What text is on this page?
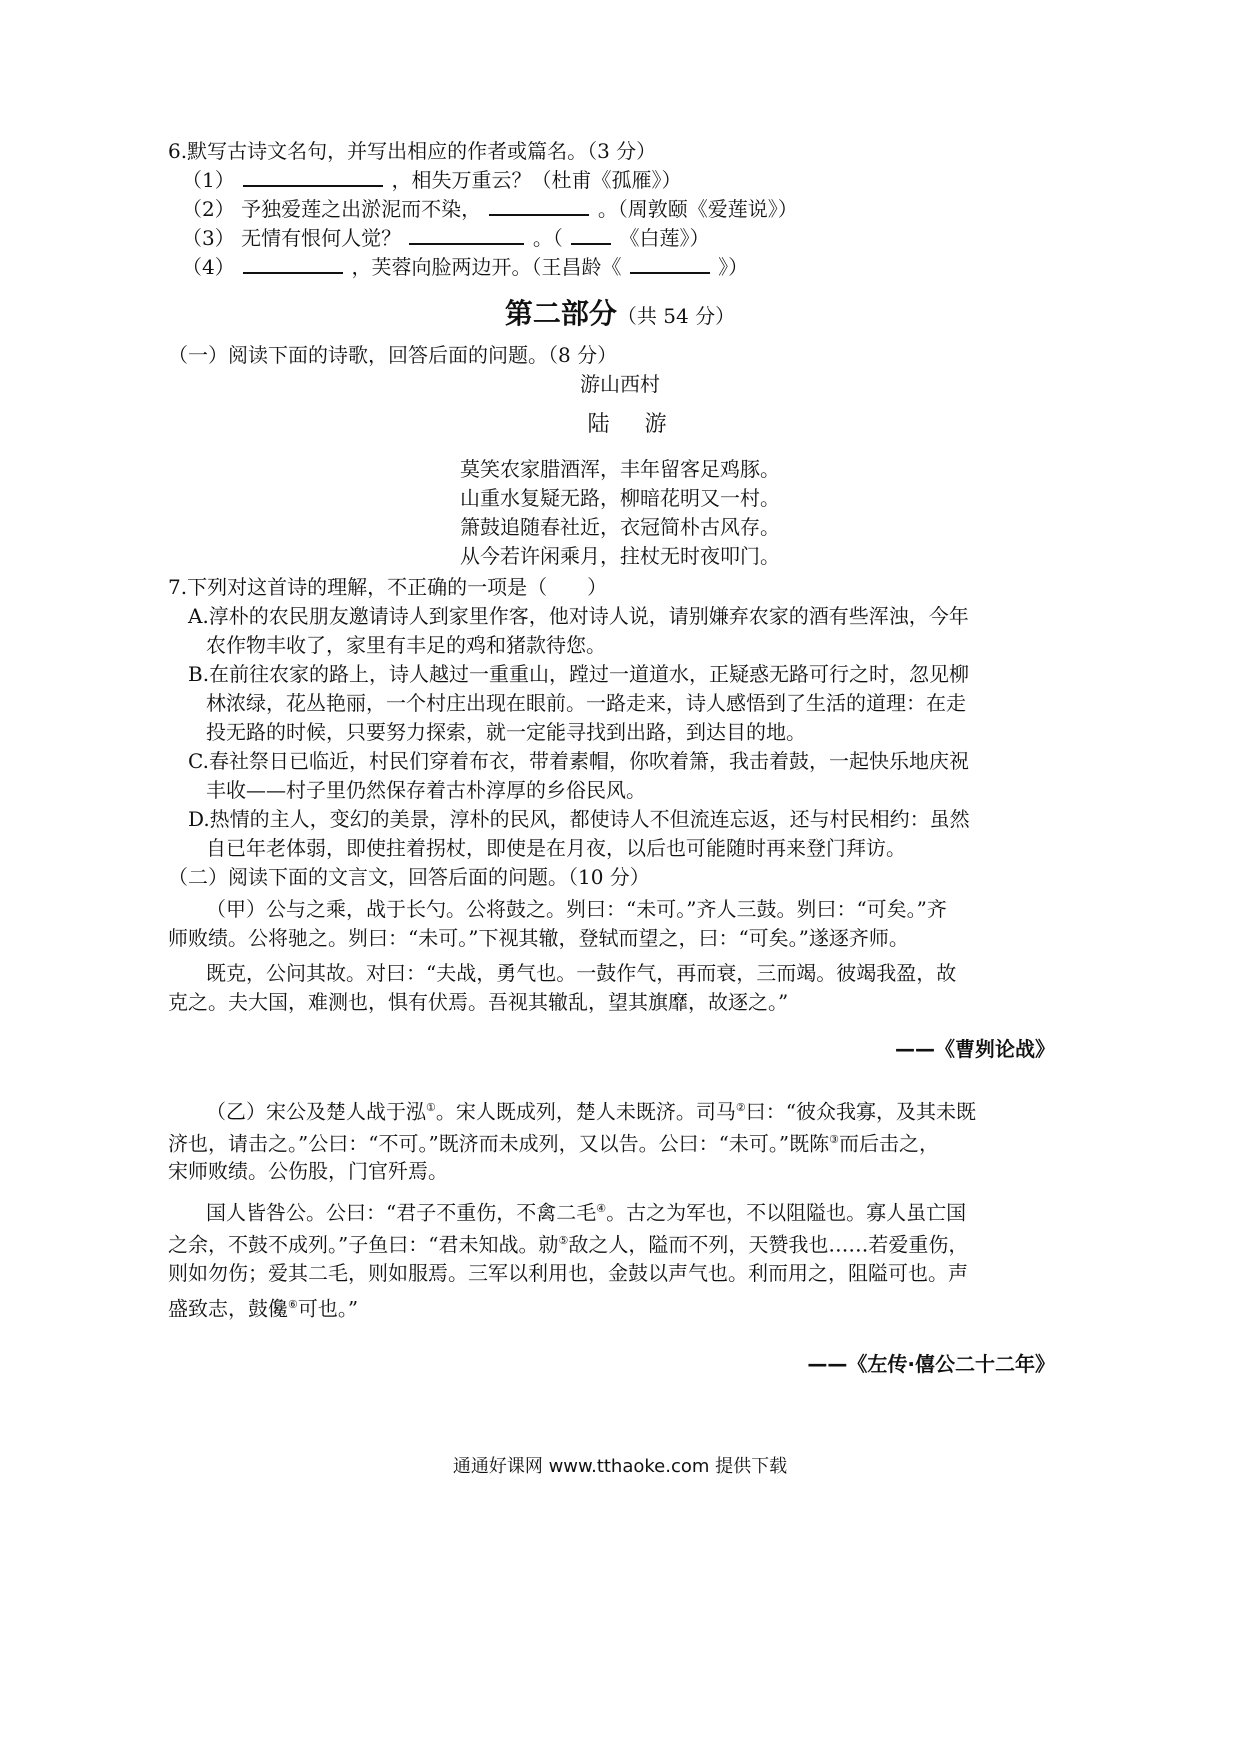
6.默写古诗文名句，并写出相应的作者或篇名。（3 分）
（1）	，相失万重云？（杜甫《孤雁》）
（2） 予独爱莲之出淤泥而不染，	。（周敦颐《爱莲说》）
（3） 无情有恨何人觉？	。（	《白莲》）
（4）	，芙蓉向脸两边开。（王昌龄《	》）
第二部分（共 54 分）
（一）阅读下面的诗歌，回答后面的问题。（8 分）
游山西村
陆 游
莫笑农家腊酒浑，丰年留客足鸡豚。
山重水复疑无路，柳暗花明又一村。
箫鼓追随春社近，衣冠简朴古风存。
从今若许闲乘月，拄杖无时夜叩门。
7.下列对这首诗的理解，不正确的一项是（　　）
A.淳朴的农民朋友邀请诗人到家里作客，他对诗人说，请别嫌弃农家的酒有些浑浊，今年
农作物丰收了，家里有丰足的鸡和猪款待您。
B.在前往农家的路上，诗人越过一重重山，蹚过一道道水，正疑惑无路可行之时，忽见柳
林浓绿，花丛艳丽，一个村庄出现在眼前。一路走来，诗人感悟到了生活的道理：在走
投无路的时候，只要努力探索，就一定能寻找到出路，到达目的地。
C.春社祭日已临近，村民们穿着布衣，带着素帽，你吹着箫，我击着鼓，一起快乐地庆祝
丰收——村子里仍然保存着古朴淳厚的乡俗民风。
D.热情的主人，变幻的美景，淳朴的民风，都使诗人不但流连忘返，还与村民相约：虽然
自已年老体弱，即使拄着拐杖，即使是在月夜，以后也可能随时再来登门拜访。
（二）阅读下面的文言文，回答后面的问题。（10 分）
（甲）公与之乘，战于长勺。公将鼓之。刿曰：“未可。”齐人三鼓。刿曰：“可矣。”齐
师败绩。公将驰之。刿曰：“未可。”下视其辙，登轼而望之，曰：“可矣。”遂逐齐师。
既克，公问其故。对曰：“夫战，勇气也。一鼓作气，再而衰，三而竭。彼竭我盈，故
克之。夫大国，难测也，惧有伏焉。吾视其辙乱，望其旗靡，故逐之。”
——《曹刿论战》
（乙）宋公及楚人战于泓①。宋人既成列，楚人未既济。司马②曰：“彼众我寡，及其未既
济也，请击之。”公曰：“不可。”既济而未成列，又以告。公曰：“未可。”既陈③而后击之，
宋师败绩。公伤股，门官歼焉。
国人皆咎公。公曰：“君子不重伤，不禽二毛④。古之为军也，不以阻隘也。寡人虽亡国
之余，不鼓不成列。”子鱼曰：“君未知战。勍⑤敌之人，隘而不列，天赞我也……若爱重伤，
则如勿伤；爱其二毛，则如服焉。三军以利用也，金鼓以声气也。利而用之，阻隘可也。声
盛致志，鼓儳⑥可也。”
——《左传·僖公二十二年》
通通好课网 www.tthaoke.com 提供下载
